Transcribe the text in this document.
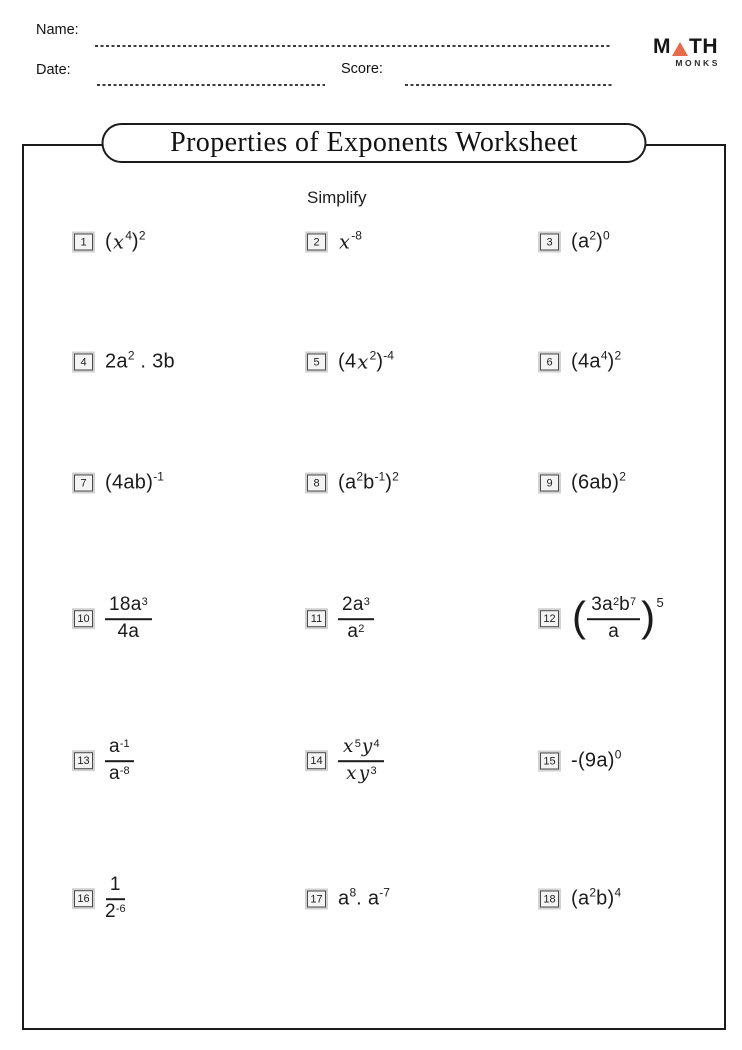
Name:
Date:	Score:
M TH
MONKS
Properties of Exponents Worksheet
Simplify
1 ( x 4 ) 2	2	x -8	3 (a 2 ) 0
4 2a 2 . 3b	5 (4 x 2 ) -4	6 (4a 4 ) 2
7 (4ab) -1	8 (a 2 b -1 ) 2	9 (6ab) 2
$10 \frac{18a^3}{4a}$	$11 \frac{2a^3}{a^2}$	12 ( $\frac{3a^2b^7}{a}$ ) 5
$13 \frac{a^{-1}}{a^{-8}}$	$14 \frac{x^5y^4}{x y^3}$	15 -(9a) 0
$16 \frac{1}{2^{-6}}$	17 a 8 . a -7	18 (a 2 b) 4
